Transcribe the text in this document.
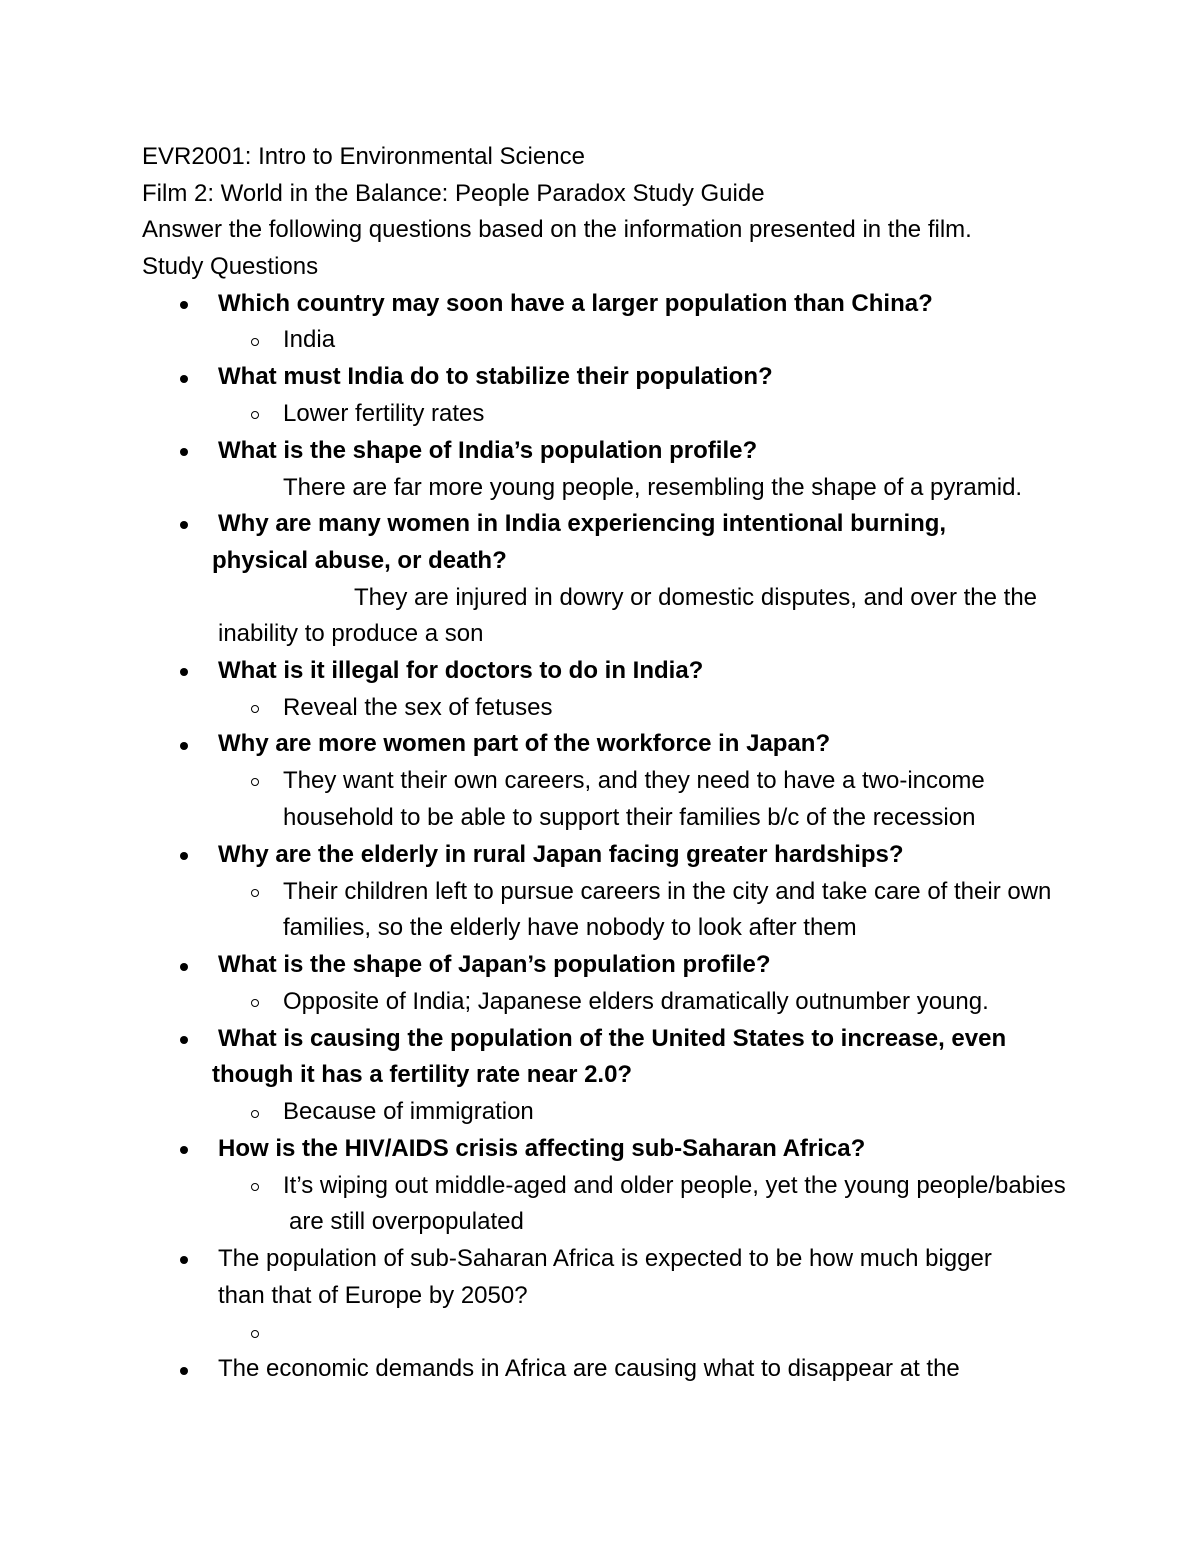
EVR2001: Intro to Environmental Science
Film 2: World in the Balance: People Paradox Study Guide
Answer the following questions based on the information presented in the film.
Study Questions
Which country may soon have a larger population than China?
India
What must India do to stabilize their population?
Lower fertility rates
What is the shape of India’s population profile?
There are far more young people, resembling the shape of a pyramid.
Why are many women in India experiencing intentional burning,
physical abuse, or death?
They are injured in dowry or domestic disputes, and over the the
inability to produce a son
What is it illegal for doctors to do in India?
Reveal the sex of fetuses
Why are more women part of the workforce in Japan?
They want their own careers, and they need to have a two-income
household to be able to support their families b/c of the recession
Why are the elderly in rural Japan facing greater hardships?
Their children left to pursue careers in the city and take care of their own
families, so the elderly have nobody to look after them
What is the shape of Japan’s population profile?
Opposite of India; Japanese elders dramatically outnumber young.
What is causing the population of the United States to increase, even
though it has a fertility rate near 2.0?
Because of immigration
How is the HIV/AIDS crisis affecting sub-Saharan Africa?
It’s wiping out middle-aged and older people, yet the young people/babies
are still overpopulated
The population of sub-Saharan Africa is expected to be how much bigger
than that of Europe by 2050?
The economic demands in Africa are causing what to disappear at the
